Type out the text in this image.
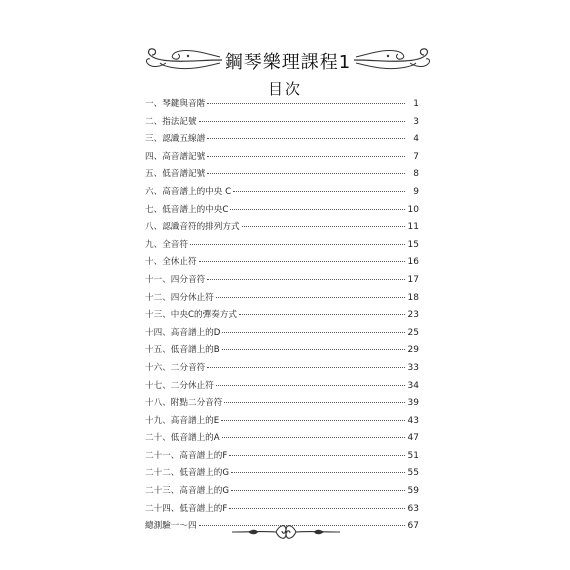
鋼琴樂理課程1
目次
一、琴鍵與音階	1
二、指法記號	3
三、認識五線譜	4
四、高音譜記號	7
五、低音譜記號	8
六、高音譜上的中央 C	9
七、低音譜上的中央C	10
八、認識音符的排列方式	11
九、全音符	15
十、全休止符	16
十一、四分音符	17
十二、四分休止符	18
十三、中央C的彈奏方式	23
十四、高音譜上的D	25
十五、低音譜上的B	29
十六、二分音符	33
十七、二分休止符	34
十八、附點二分音符	39
十九、高音譜上的E	43
二十、低音譜上的A	47
二十一、高音譜上的F	51
二十二、低音譜上的G	55
二十三、高音譜上的G	59
二十四、低音譜上的F	63
總測驗一～四	67
